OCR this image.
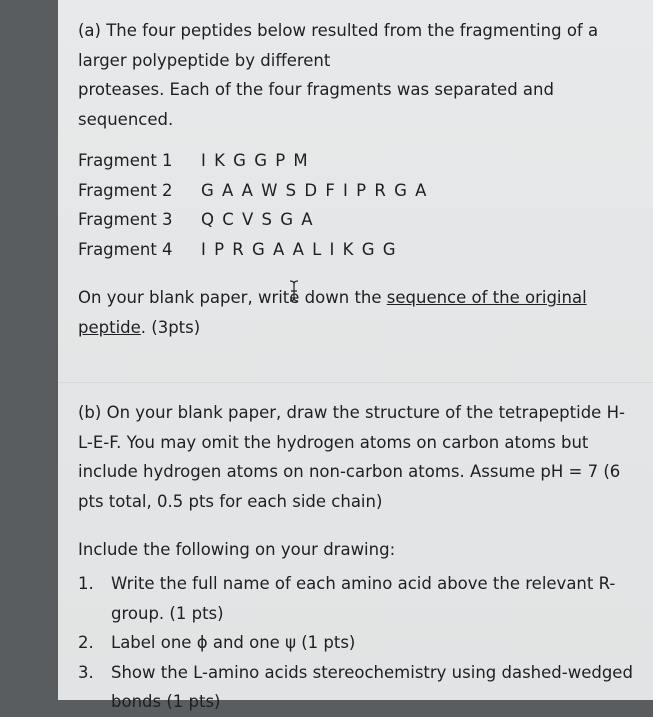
(a) The four peptides below resulted from the fragmenting of a
larger polypeptide by different
proteases. Each of the four fragments was separated and
sequenced.

Fragment 1	I K G G P M
Fragment 2	G A A W S D F I P R G A
Fragment 3	Q C V S G A
Fragment 4	I P R G A A L I K G G

On your blank paper, write down the sequence of the original peptide. (3pts)

(b) On your blank paper, draw the structure of the tetrapeptide H-
L-E-F. You may omit the hydrogen atoms on carbon atoms but
include hydrogen atoms on non-carbon atoms. Assume pH = 7 (6
pts total, 0.5 pts for each side chain)

Include the following on your drawing:

1.	Write the full name of each amino acid above the relevant R-
group. (1 pts)
2.	Label one ϕ and one ψ (1 pts)
3.	Show the L-amino acids stereochemistry using dashed-wedged
bonds (1 pts)
